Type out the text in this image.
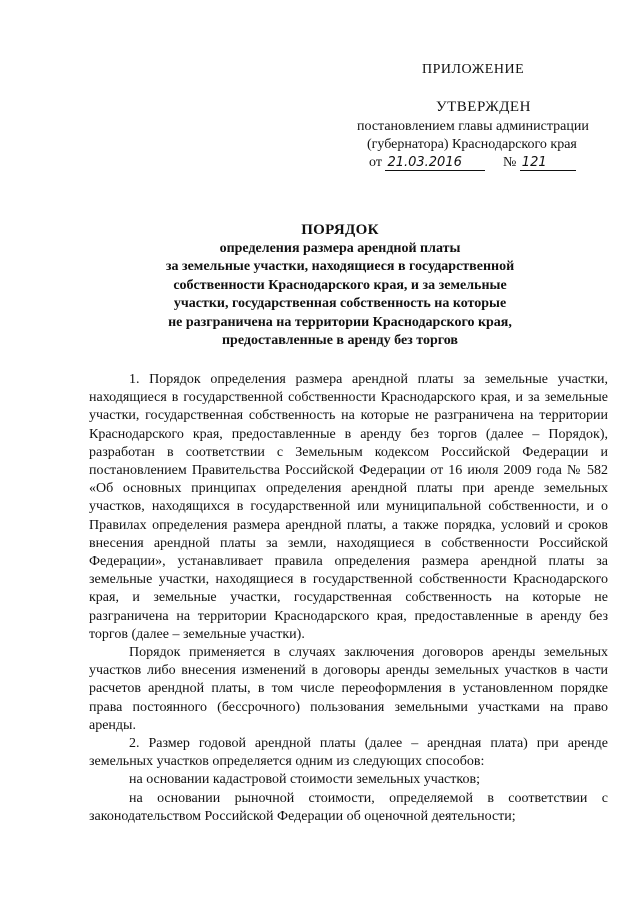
ПРИЛОЖЕНИЕ
УТВЕРЖДЕН
постановлением главы администрации
(губернатора) Краснодарского края
от 21.03.2016	№ 121
ПОРЯДОК
определения размера арендной платы
за земельные участки, находящиеся в государственной
собственности Краснодарского края, и за земельные
участки, государственная собственность на которые
не разграничена на территории Краснодарского края,
предоставленные в аренду без торгов

1. Порядок определения размера арендной платы за земельные участки, находящиеся в государственной собственности Краснодарского края, и за земельные участки, государственная собственность на которые не разграничена на территории Краснодарского края, предоставленные в аренду без торгов (далее – Порядок), разработан в соответствии с Земельным кодексом Российской Федерации и постановлением Правительства Российской Федерации от 16 июля 2009 года № 582 «Об основных принципах определения арендной платы при аренде земельных участков, находящихся в государственной или муниципальной собственности, и о Правилах определения размера арендной платы, а также порядка, условий и сроков внесения арендной платы за земли, находящиеся в собственности Российской Федерации», устанавливает правила определения размера арендной платы за земельные участки, находящиеся в государственной собственности Краснодарского края, и земельные участки, государственная собственность на которые не разграничена на территории Краснодарского края, предоставленные в аренду без торгов (далее – земельные участки).

Порядок применяется в случаях заключения договоров аренды земельных участков либо внесения изменений в договоры аренды земельных участков в части расчетов арендной платы, в том числе переоформления в установленном порядке права постоянного (бессрочного) пользования земельными участками на право аренды.

2. Размер годовой арендной платы (далее – арендная плата) при аренде земельных участков определяется одним из следующих способов:

на основании кадастровой стоимости земельных участков;

на основании рыночной стоимости, определяемой в соответствии с законодательством Российской Федерации об оценочной деятельности;
